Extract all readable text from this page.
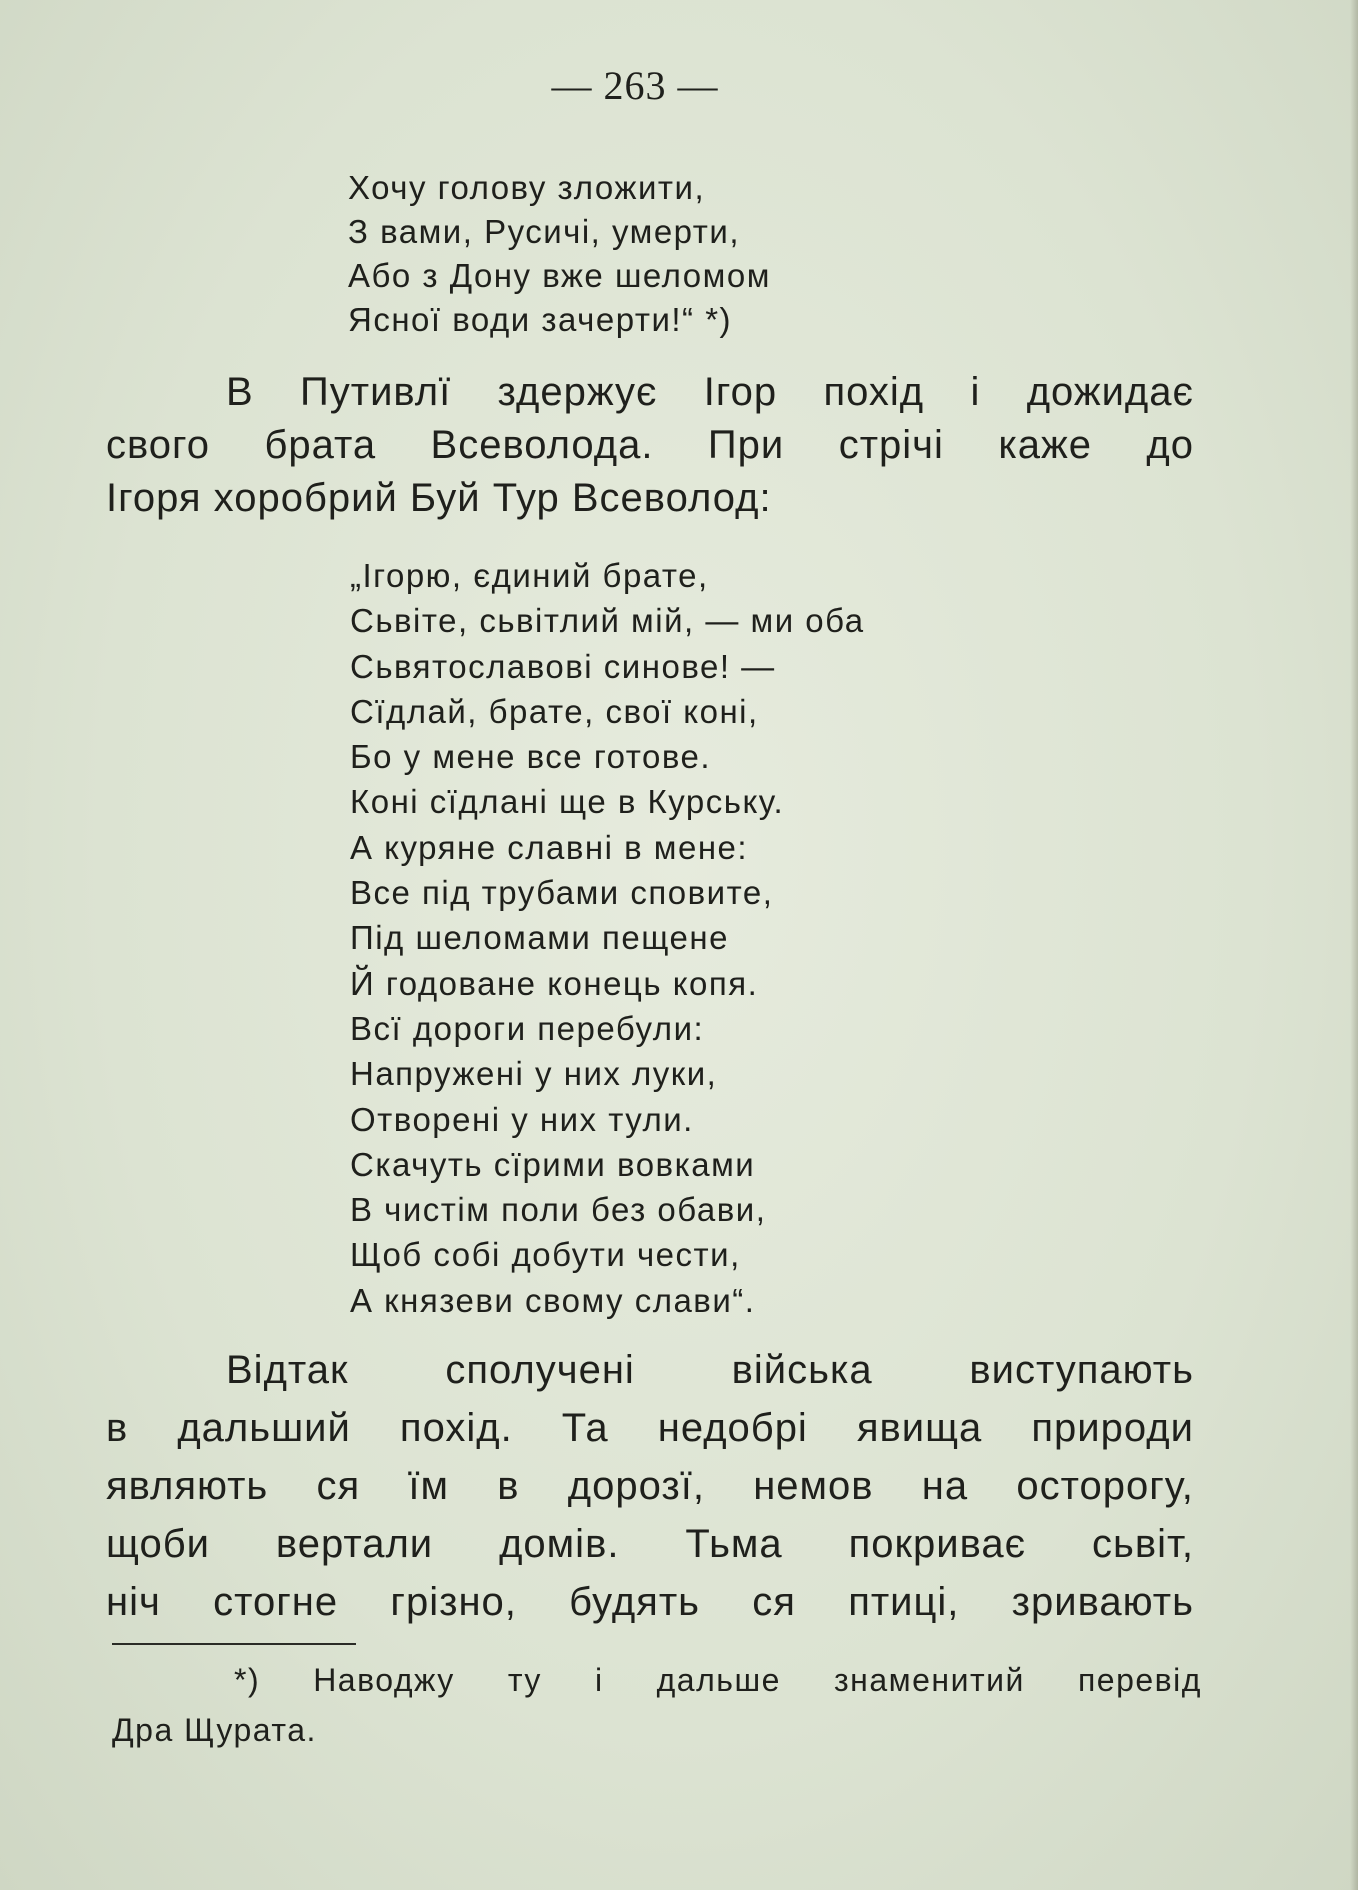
— 263 —
Хочу голову зложити,
З вами, Русичі, умерти,
Або з Дону вже шеломом
Ясної води зачерти!“ *)
В Путивлї здержує Ігор похід і дожидає
свого брата Всеволода. При стрічі каже до
Ігоря
хоробрий
Буй
Тур
Всеволод:
„Ігорю, єдиний брате,
Сьвіте, сьвітлий мій, — ми оба
Сьвятославові синове! —
Сїдлай, брате, свої коні,
Бо у мене все готове.
Коні сїдлані ще в Курську.
А куряне славні в мене:
Все під трубами сповите,
Під шеломами пещене
Й годоване конець копя.
Всї дороги перебули:
Напружені у них луки,
Отворені у них тули.
Скачуть сїрими вовками
В чистім поли без обави,
Щоб собі добути чести,
А князеви свому слави“.
Відтак сполучені війська виступають
в дальший похід. Та недобрі явища природи
являють ся їм в дорозї, немов на осторогу,
щоби вертали домів. Тьма покриває сьвіт,
ніч стогне грізно, будять ся птиці, зривають
*) Наводжу ту і дальше знаменитий перевід
Дра
Щурата.
